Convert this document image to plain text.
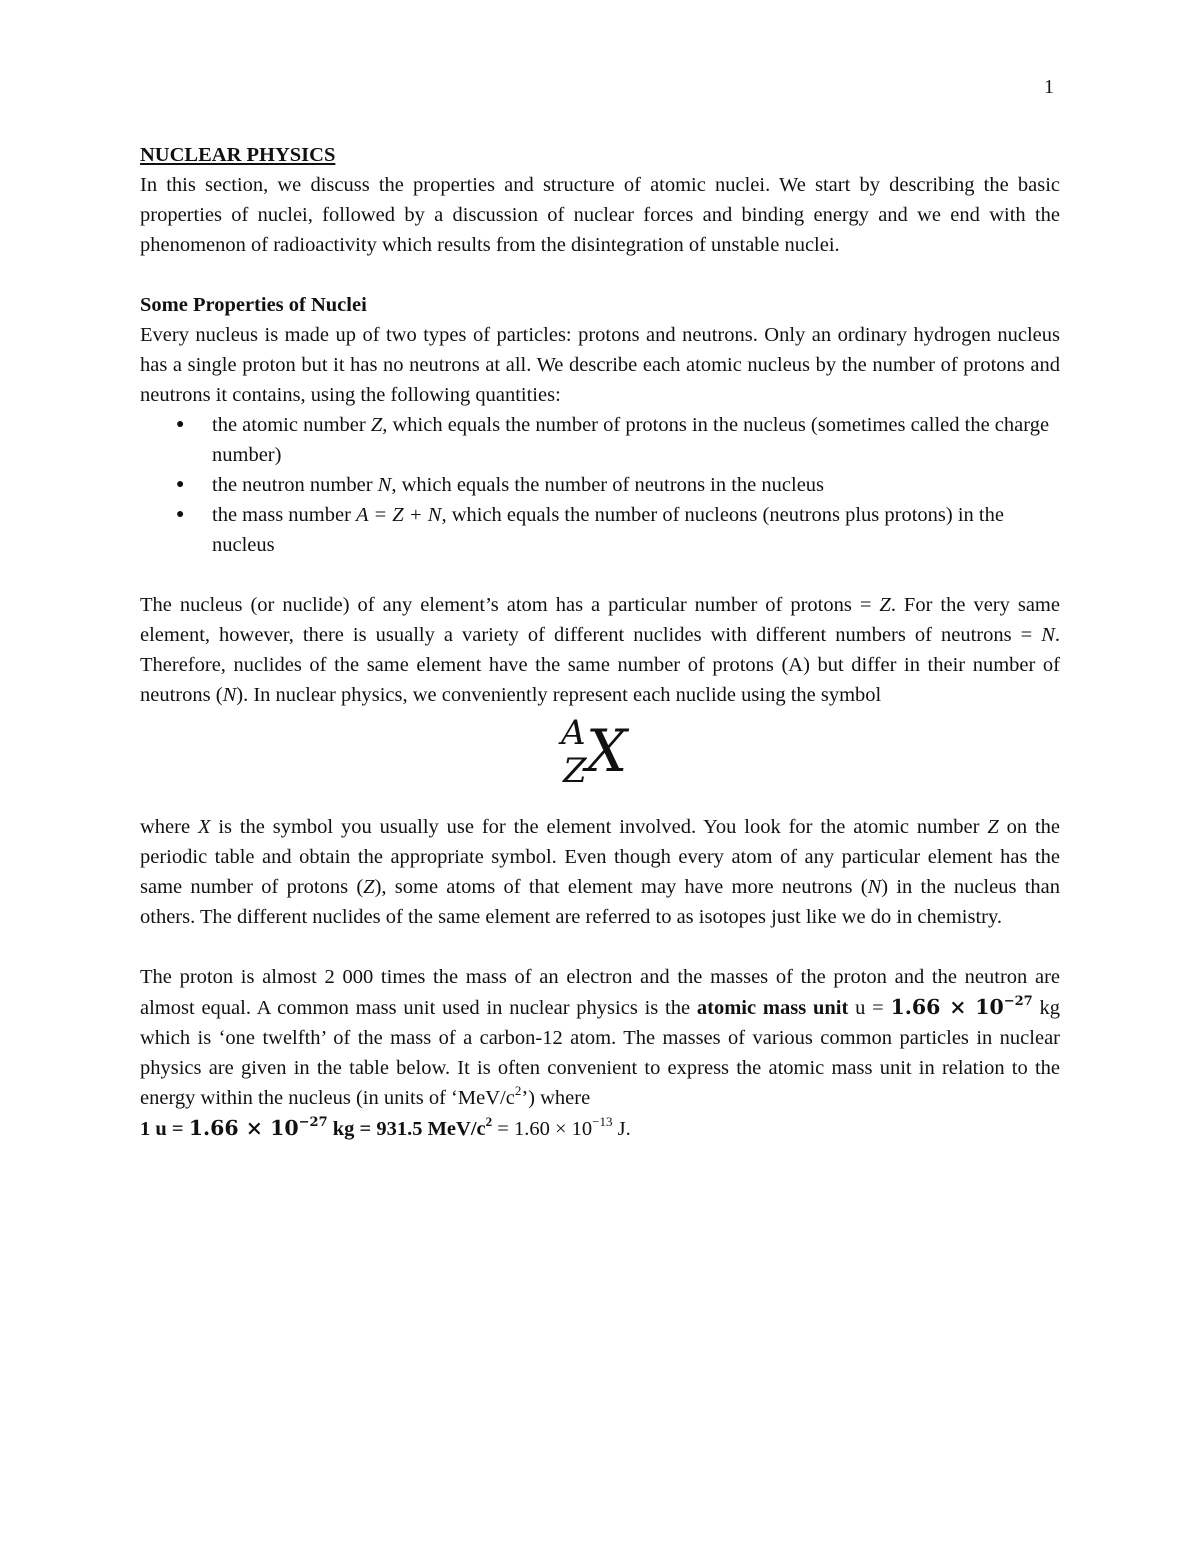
1

NUCLEAR PHYSICS

In this section, we discuss the properties and structure of atomic nuclei. We start by describing the basic properties of nuclei, followed by a discussion of nuclear forces and binding energy and we end with the phenomenon of radioactivity which results from the disintegration of unstable nuclei.

Some Properties of Nuclei

Every nucleus is made up of two types of particles: protons and neutrons. Only an ordinary hydrogen nucleus has a single proton but it has no neutrons at all. We describe each atomic nucleus by the number of protons and neutrons it contains, using the following quantities:

● the atomic number Z, which equals the number of protons in the nucleus (sometimes called the charge number)
● the neutron number N, which equals the number of neutrons in the nucleus
● the mass number A = Z + N, which equals the number of nucleons (neutrons plus protons) in the nucleus

The nucleus (or nuclide) of any element’s atom has a particular number of protons = Z. For the very same element, however, there is usually a variety of different nuclides with different numbers of neutrons = N. Therefore, nuclides of the same element have the same number of protons (A) but differ in their number of neutrons (N). In nuclear physics, we conveniently represent each nuclide using the symbol

A
Z X

where X is the symbol you usually use for the element involved. You look for the atomic number Z on the periodic table and obtain the appropriate symbol. Even though every atom of any particular element has the same number of protons (Z), some atoms of that element may have more neutrons (N) in the nucleus than others. The different nuclides of the same element are referred to as isotopes just like we do in chemistry.

The proton is almost 2 000 times the mass of an electron and the masses of the proton and the neutron are almost equal. A common mass unit used in nuclear physics is the atomic mass unit $u = 1.66 \times 10^{-27}$ kg which is ‘one twelfth’ of the mass of a carbon-12 atom. The masses of various common particles in nuclear physics are given in the table below. It is often convenient to express the atomic mass unit in relation to the energy within the nucleus (in units of ‘$MeV/c^2$’) where

1 $u = 1.66 \times 10^{-27}$ kg = 931.5 MeV/$c^2 = 1.60 \times 10^{-13}$ J.
